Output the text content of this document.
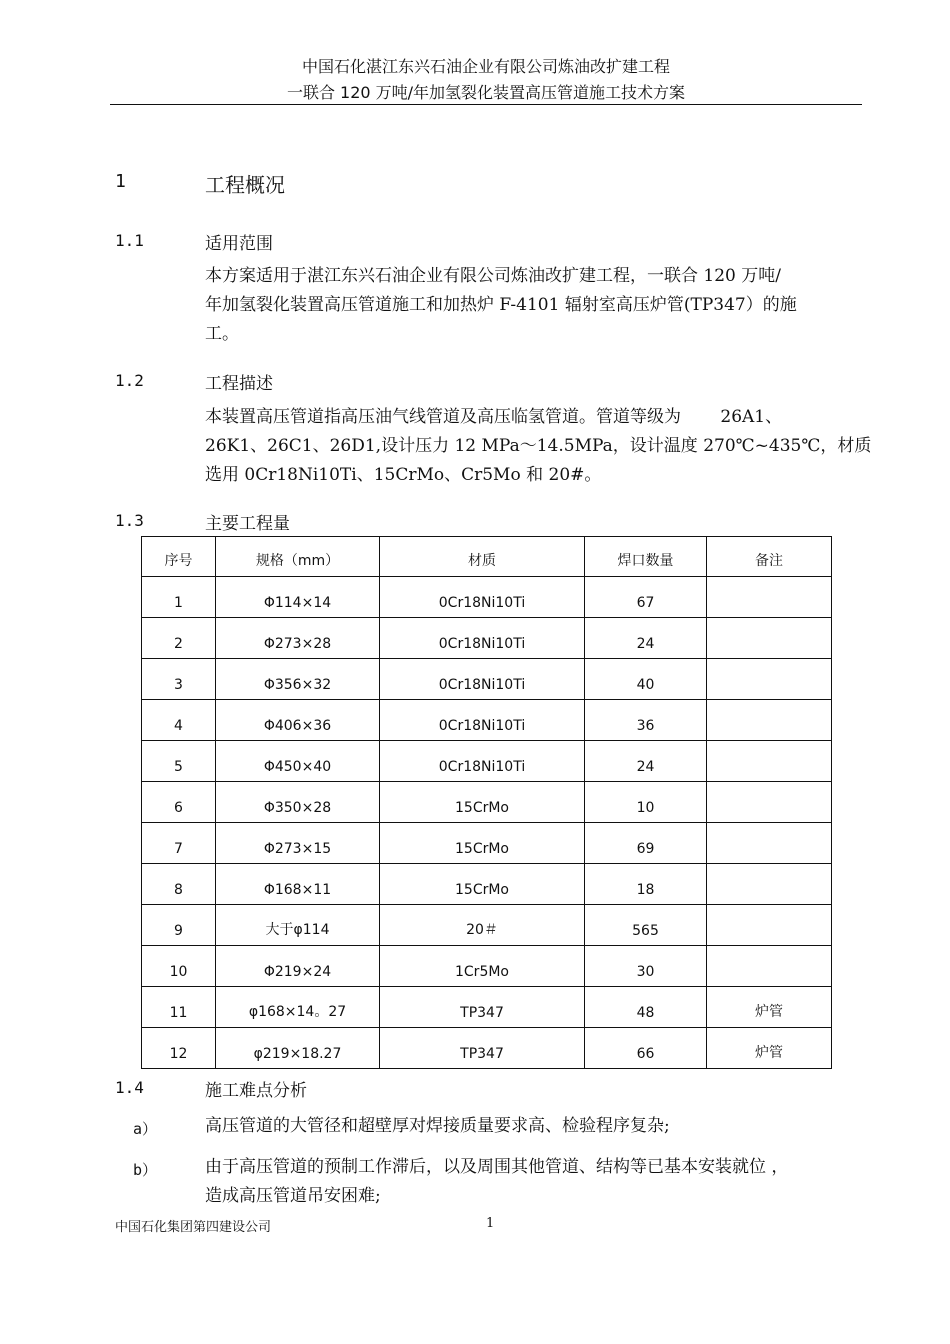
中国石化湛江东兴石油企业有限公司炼油改扩建工程
一联合 120 万吨/年加氢裂化装置高压管道施工技术方案
1	工程概况
1.1	适用范围
本方案适用于湛江东兴石油企业有限公司炼油改扩建工程，一联合 120 万吨/
年加氢裂化装置高压管道施工和加热炉 F-4101 辐射室高压炉管(TP347）的施
工。
1.2	工程描述
本装置高压管道指高压油气线管道及高压临氢管道。管道等级为　　 26A1、
26K1、26C1、26D1,设计压力 12 MPa～14.5MPa，设计温度 270℃~435℃，材质
选用 0Cr18Ni10Ti、15CrMo、Cr5Mo 和 20#。
1.3	主要工程量
序号	规格（mm）	材质	焊口数量	备注
1	Φ114×14	0Cr18Ni10Ti	67	
2	Φ273×28	0Cr18Ni10Ti	24	
3	Φ356×32	0Cr18Ni10Ti	40	
4	Φ406×36	0Cr18Ni10Ti	36	
5	Φ450×40	0Cr18Ni10Ti	24	
6	Φ350×28	15CrMo	10	
7	Φ273×15	15CrMo	69	
8	Φ168×11	15CrMo	18	
9	大于φ114	20＃	565	
10	Φ219×24	1Cr5Mo	30	
11	φ168×14。27	TP347	48	炉管
12	φ219×18.27	TP347	66	炉管
1.4	施工难点分析
a）	高压管道的大管径和超壁厚对焊接质量要求高、检验程序复杂;
b）	由于高压管道的预制工作滞后，以及周围其他管道、结构等已基本安装就位 ，
造成高压管道吊安困难;
中国石化集团第四建设公司	1
